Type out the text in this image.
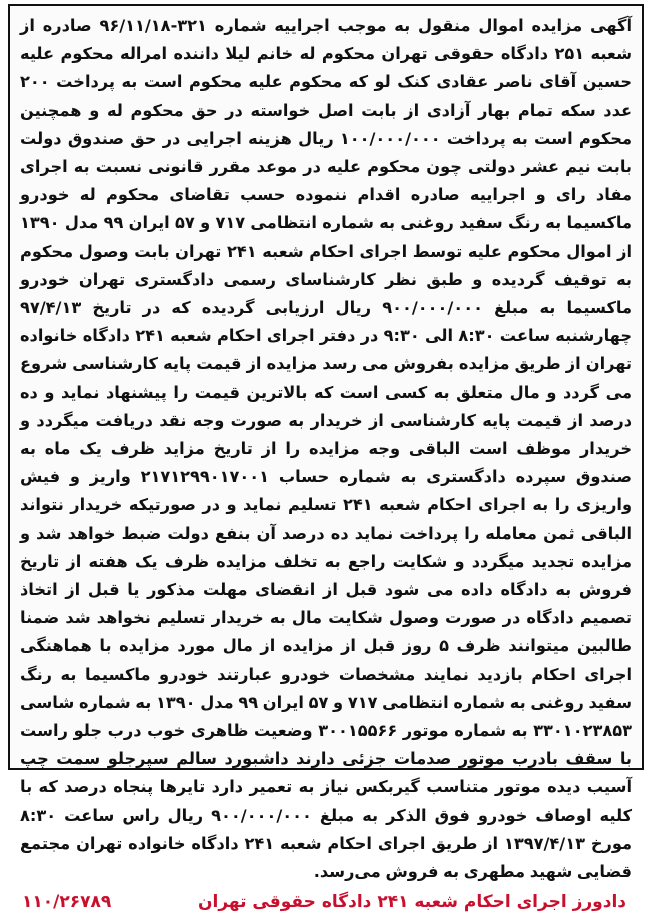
آگهی مزایده اموال منقول به موجب اجراییه شماره ۳۲۱-۹۶/۱۱/۱۸ صادره از شعبه ۲۵۱ دادگاه حقوقی تهران محکوم له خانم لیلا داننده امراله محکوم علیه حسین آقای ناصر عقادی کنک لو که محکوم علیه محکوم است به پرداخت ۲۰۰ عدد سکه تمام بهار آزادی از بابت اصل خواسته در حق محکوم له و همچنین محکوم است به پرداخت ۱۰۰/۰۰۰/۰۰۰ ریال هزینه اجرایی در حق صندوق دولت بابت نیم عشر دولتی چون محکوم علیه در موعد مقرر قانونی نسبت به اجرای مفاد رای و اجراییه صادره اقدام ننموده حسب تقاضای محکوم له خودرو ماکسیما به رنگ سفید روغنی به شماره انتظامی ۷۱۷ و ۵۷ ایران ۹۹ مدل ۱۳۹۰ از اموال محکوم علیه توسط اجرای احکام شعبه ۲۴۱ تهران بابت وصول محکوم به توقیف گردیده و طبق نظر کارشناسای رسمی دادگستری تهران خودرو ماکسیما به مبلغ ۹۰۰/۰۰۰/۰۰۰ ریال ارزیابی گردیده که در تاریخ ۹۷/۴/۱۳ چهارشنبه ساعت ۸:۳۰ الی ۹:۳۰ در دفتر اجرای احکام شعبه ۲۴۱ دادگاه خانواده تهران از طریق مزایده بفروش می رسد مزایده از قیمت پایه کارشناسی شروع می گردد و مال متعلق به کسی است که بالاترین قیمت را پیشنهاد نماید و ده درصد از قیمت پایه کارشناسی از خریدار به صورت وجه نقد دریافت میگردد و خریدار موظف است الباقی وجه مزایده را از تاریخ مزاید ظرف یک ماه به صندوق سپرده دادگستری به شماره حساب ۲۱۷۱۲۹۹۰۱۷۰۰۱ واریز و فیش واریزی را به اجرای احکام شعبه ۲۴۱ تسلیم نماید و در صورتیکه خریدار نتواند الباقی ثمن معامله را پرداخت نماید ده درصد آن بنفع دولت ضبط خواهد شد و مزایده تجدید میگردد و شکایت راجع به تخلف مزایده ظرف یک هفته از تاریخ فروش به دادگاه داده می شود قبل از انقضای مهلت مذکور یا قبل از اتخاذ تصمیم دادگاه در صورت وصول شکایت مال به خریدار تسلیم نخواهد شد ضمنا طالبین میتوانند ظرف ۵ روز قبل از مزایده از مال مورد مزایده با هماهنگی اجرای احکام بازدید نمایند مشخصات خودرو عبارتند خودرو ماکسیما به رنگ سفید روغنی به شماره انتظامی ۷۱۷ و ۵۷ ایران ۹۹ مدل ۱۳۹۰ به شماره شاسی ۳۳۰۱۰۲۳۸۵۳ به شماره موتور ۳۰۰۱۵۵۶۶ وضعیت ظاهری خوب درب جلو راست با سقف بادرب موتور صدمات جزئی دارند داشبورد سالم سپرجلو سمت چپ آسیب دیده موتور متناسب گیربکس نیاز به تعمیر دارد تایرها پنجاه درصد که با کلیه اوصاف خودرو فوق الذکر به مبلغ ۹۰۰/۰۰۰/۰۰۰ ریال راس ساعت ۸:۳۰ مورخ ۱۳۹۷/۴/۱۳ از طریق اجرای احکام شعبه ۲۴۱ دادگاه خانواده تهران مجتمع قضایی شهید مطهری به فروش می‌رسد.

دادورز اجرای احکام شعبه ۲۴۱ دادگاه حقوقی تهران
۱۱۰/۲۶۷۸۹
